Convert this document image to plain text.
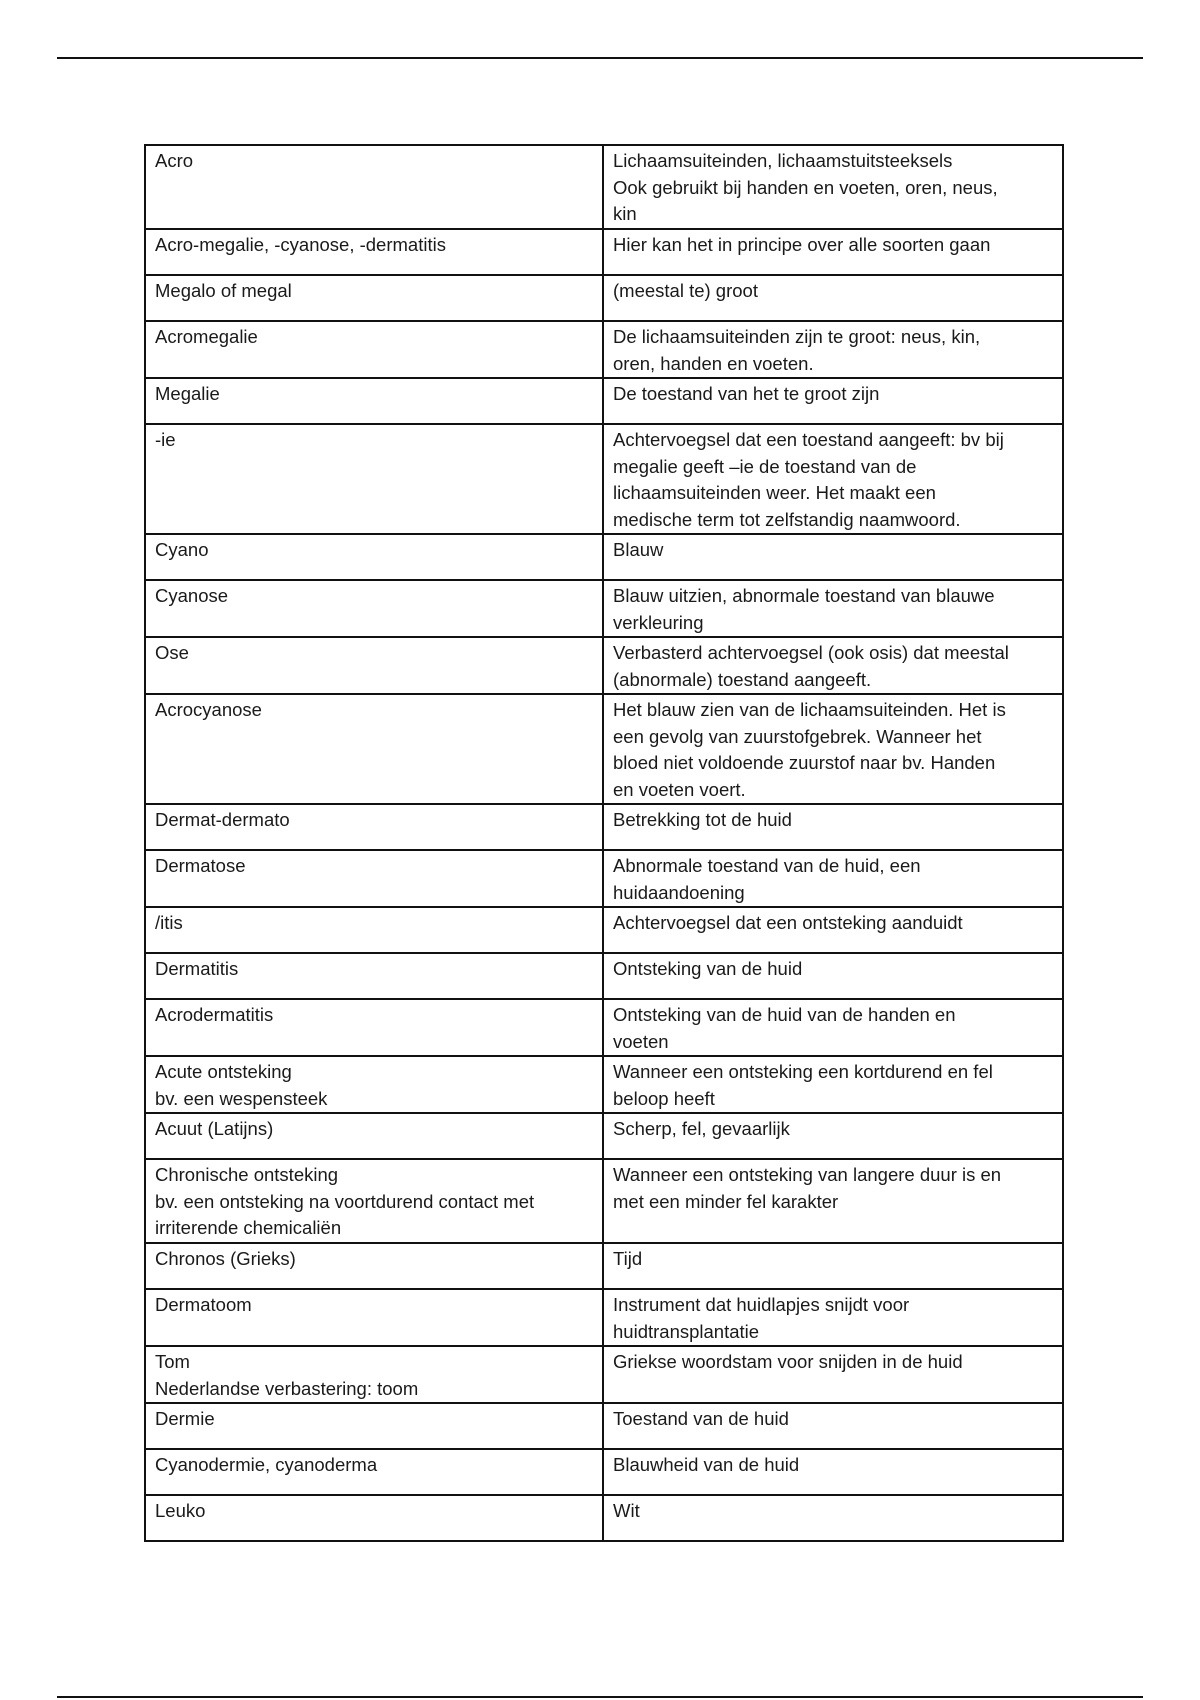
Acro	Lichaamsuiteinden, lichaamstuitsteeksels
Ook gebruikt bij handen en voeten, oren, neus,
kin

Acro-megalie, -cyanose, -dermatitis	Hier kan het in principe over alle soorten gaan

Megalo of megal	(meestal te) groot

Acromegalie	De lichaamsuiteinden zijn te groot: neus, kin,
oren, handen en voeten.

Megalie	De toestand van het te groot zijn

-ie	Achtervoegsel dat een toestand aangeeft: bv bij
megalie geeft –ie de toestand van de
lichaamsuiteinden weer. Het maakt een
medische term tot zelfstandig naamwoord.

Cyano	Blauw

Cyanose	Blauw uitzien, abnormale toestand van blauwe
verkleuring

Ose	Verbasterd achtervoegsel (ook osis) dat meestal
(abnormale) toestand aangeeft.

Acrocyanose	Het blauw zien van de lichaamsuiteinden. Het is
een gevolg van zuurstofgebrek. Wanneer het
bloed niet voldoende zuurstof naar bv. Handen
en voeten voert.

Dermat-dermato	Betrekking tot de huid

Dermatose	Abnormale toestand van de huid, een
huidaandoening

/itis	Achtervoegsel dat een ontsteking aanduidt

Dermatitis	Ontsteking van de huid

Acrodermatitis	Ontsteking van de huid van de handen en
voeten

Acute ontsteking
bv. een wespensteek	Wanneer een ontsteking een kortdurend en fel
beloop heeft

Acuut (Latijns)	Scherp, fel, gevaarlijk

Chronische ontsteking
bv. een ontsteking na voortdurend contact met
irriterende chemicaliën	Wanneer een ontsteking van langere duur is en
met een minder fel karakter

Chronos (Grieks)	Tijd

Dermatoom	Instrument dat huidlapjes snijdt voor
huidtransplantatie

Tom
Nederlandse verbastering: toom	Griekse woordstam voor snijden in de huid

Dermie	Toestand van de huid

Cyanodermie, cyanoderma	Blauwheid van de huid

Leuko	Wit
